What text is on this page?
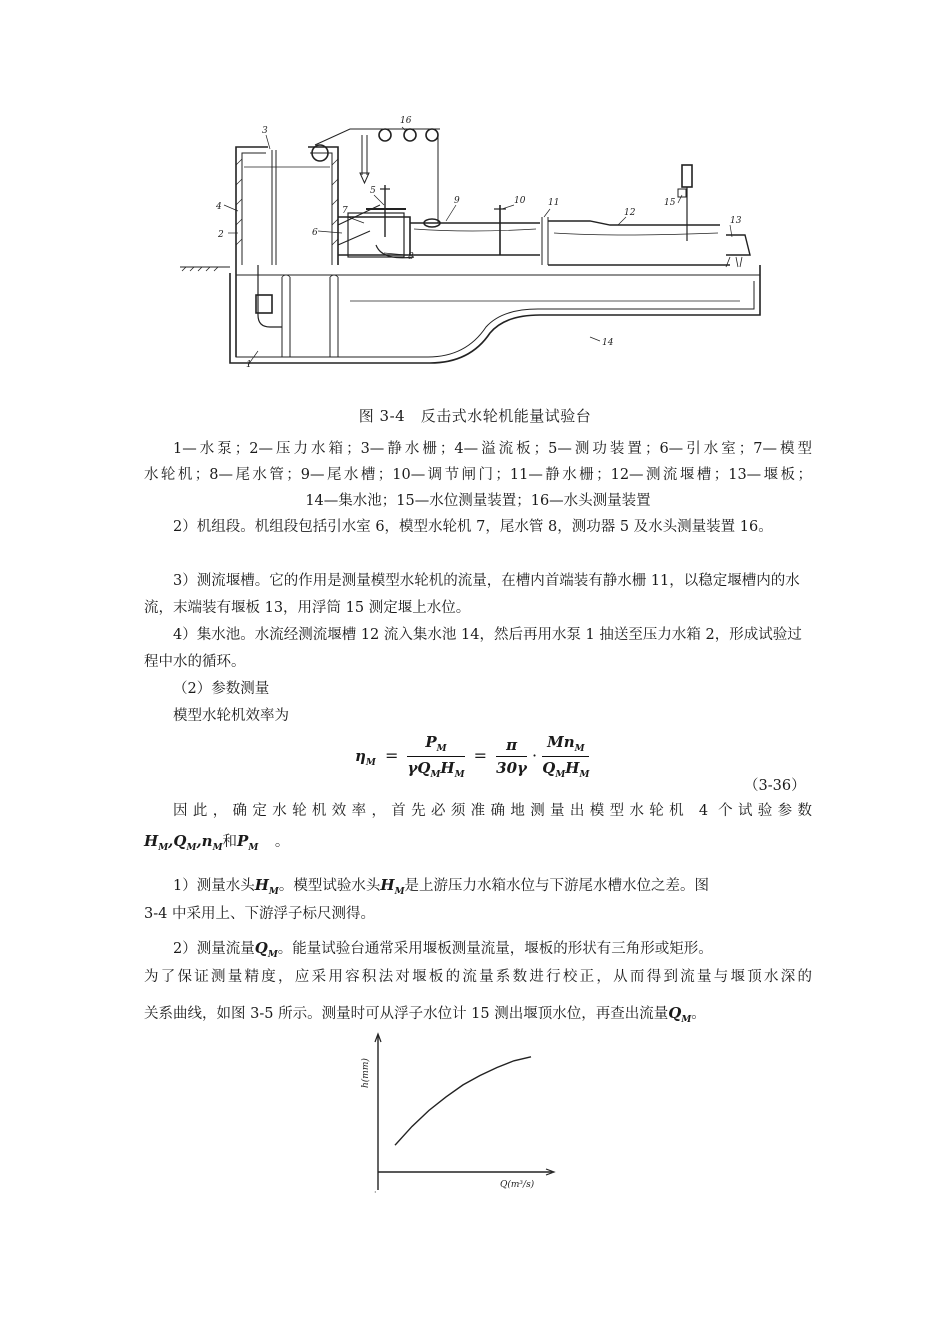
1
2
3
4
5
6
7
8
9	10	11
12
13
14
15
16
图 3-4　反击式水轮机能量试验台
1—水泵；2—压力水箱；3—静水栅；4—溢流板；5—测功装置；6—引水室；7—模型
水轮机；8—尾水管；9—尾水槽；10—调节闸门；11—静水栅；12—测流堰槽；13—堰板；
14—集水池；15—水位测量装置；16—水头测量装置
2）机组段。机组段包括引水室 6，模型水轮机 7，尾水管 8，测功器 5 及水头测量装置 16。
3）测流堰槽。它的作用是测量模型水轮机的流量，在槽内首端装有静水栅 11，以稳定堰槽内的水流，末端装有堰板 13，用浮筒 15 测定堰上水位。
4）集水池。水流经测流堰槽 12 流入集水池 14，然后再用水泵 1 抽送至压力水箱 2，形成试验过程中水的循环。
（2）参数测量
模型水轮机效率为
$\eta_M = \frac{P_M}{\gamma Q_MH_M} = \frac{\pi}{30\gamma} \cdot \frac{Mn_M}{Q_MH_M}$
（3-36）
因此，确定水轮机效率，首先必须准确地测量出模型水轮机 4 个试验参数
$H_M,Q_M,n_M$和$P_M$ 。
1）测量水头$H_M$。模型试验水头$H_M$是上游压力水箱水位与下游尾水槽水位之差。图
3-4 中采用上、下游浮子标尺测得。
2）测量流量$Q_M$。能量试验台通常采用堰板测量流量，堰板的形状有三角形或矩形。
为了保证测量精度，应采用容积法对堰板的流量系数进行校正，从而得到流量与堰顶水深的
关系曲线，如图 3-5 所示。测量时可从浮子水位计 15 测出堰顶水位，再查出流量$Q_M$。
h(mm)
Q(m³/s)
·
